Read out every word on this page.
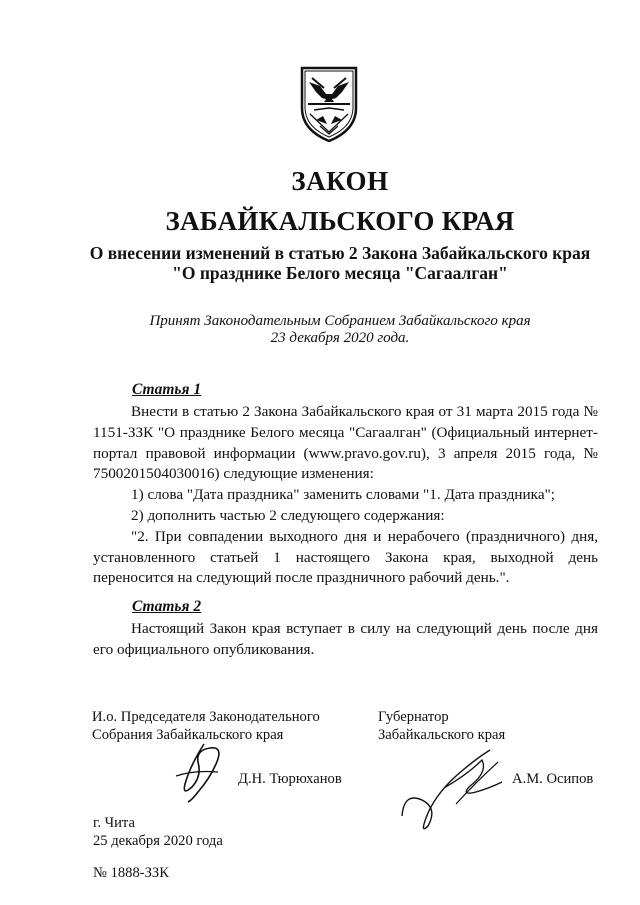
ЗАКОН
ЗАБАЙКАЛЬСКОГО КРАЯ
О внесении изменений в статью 2 Закона Забайкальского края
"О празднике Белого месяца "Сагаалган"
Принят Законодательным Собранием Забайкальского края
23 декабря 2020 года.
Статья 1

Внести в статью 2 Закона Забайкальского края от 31 марта 2015 года № 1151-ЗЗК "О празднике Белого месяца "Сагаалган" (Официальный интернет-портал правовой информации (www.pravo.gov.ru), 3 апреля 2015 года, № 7500201504030016) следующие изменения:

1) слова "Дата праздника" заменить словами "1. Дата праздника";

2) дополнить частью 2 следующего содержания:

"2. При совпадении выходного дня и нерабочего (праздничного) дня, установленного статьей 1 настоящего Закона края, выходной день переносится на следующий после праздничного рабочий день.".

Статья 2

Настоящий Закон края вступает в силу на следующий день после дня его официального опубликования.

И.о. Председателя Законодательного
Собрания Забайкальского края
Д.Н. Тюрюханов
Губернатор
Забайкальского края
А.М. Осипов
г. Чита
25 декабря 2020 года
№ 1888-ЗЗК
